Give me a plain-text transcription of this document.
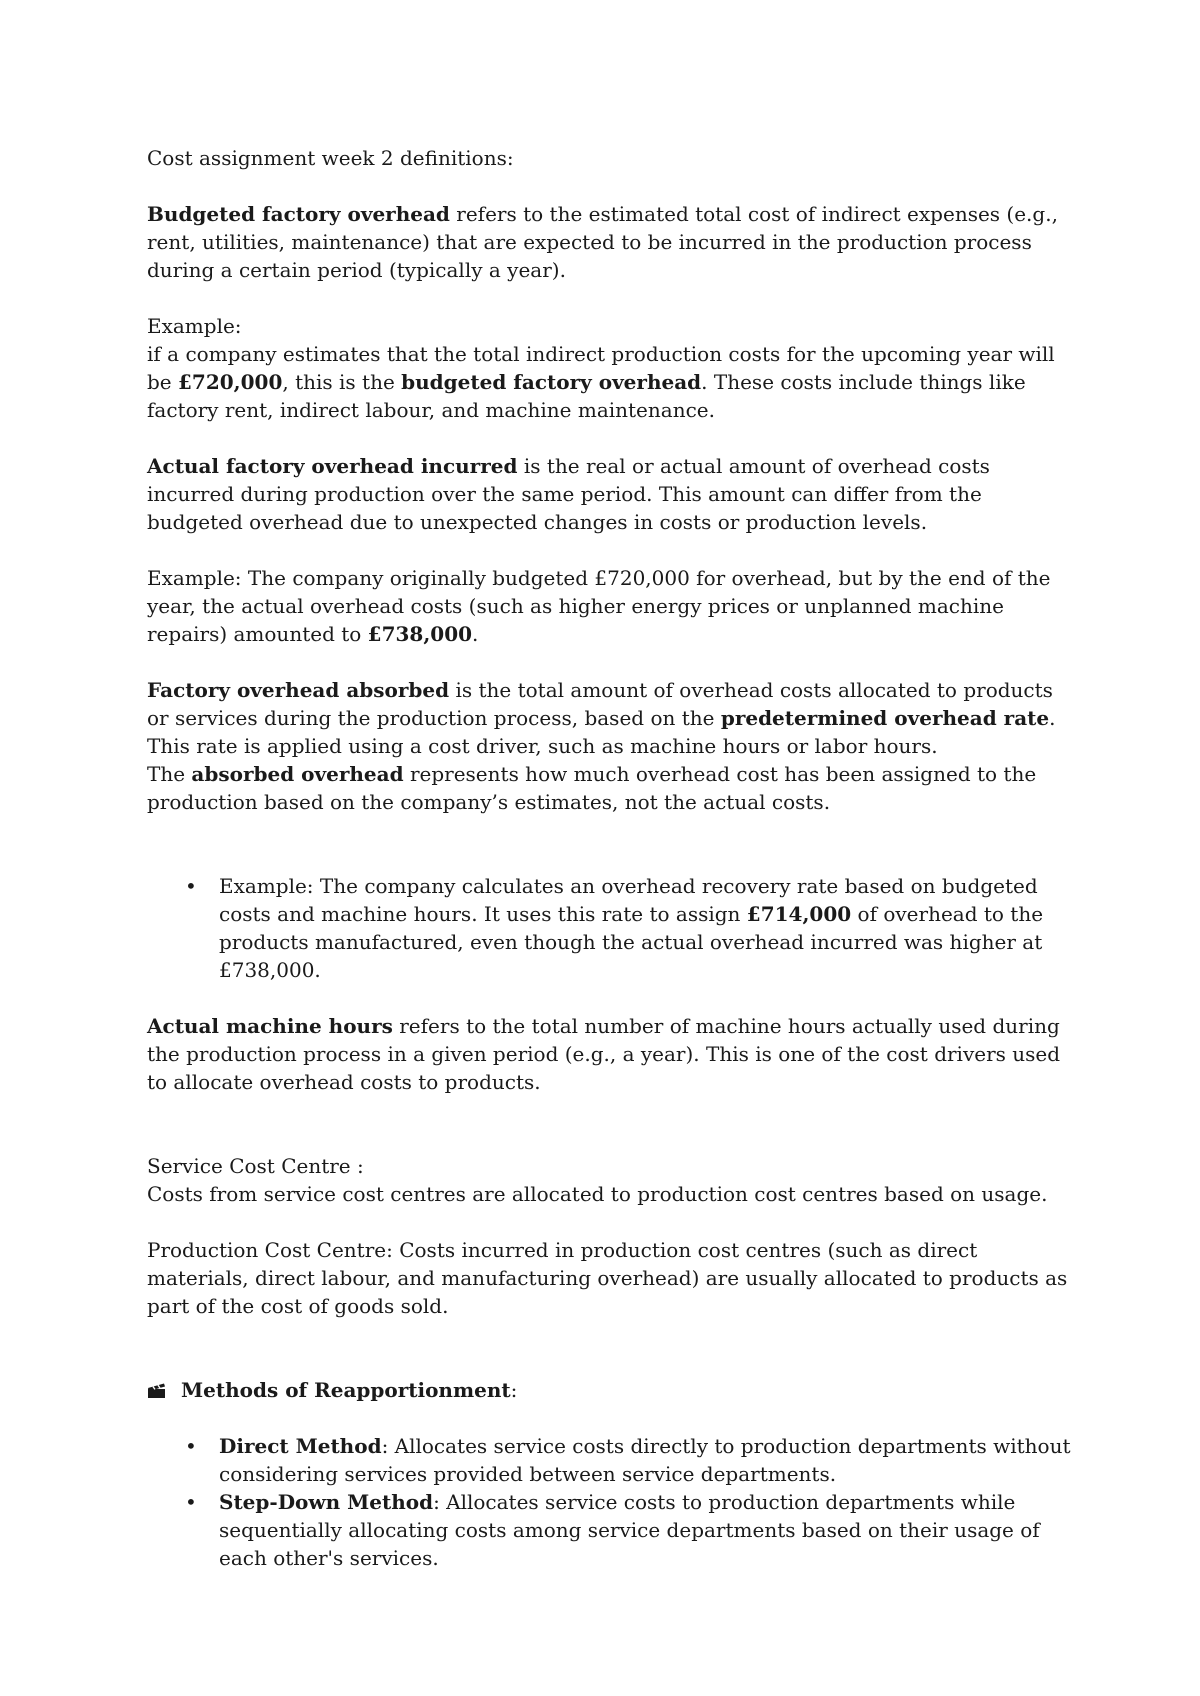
Cost assignment week 2 definitions:

Budgeted factory overhead refers to the estimated total cost of indirect expenses (e.g., rent, utilities, maintenance) that are expected to be incurred in the production process during a certain period (typically a year).

Example:

if a company estimates that the total indirect production costs for the upcoming year will be £720,000, this is the budgeted factory overhead. These costs include things like factory rent, indirect labour, and machine maintenance.

Actual factory overhead incurred is the real or actual amount of overhead costs incurred during production over the same period. This amount can differ from the budgeted overhead due to unexpected changes in costs or production levels.

Example: The company originally budgeted £720,000 for overhead, but by the end of the year, the actual overhead costs (such as higher energy prices or unplanned machine repairs) amounted to £738,000.

Factory overhead absorbed is the total amount of overhead costs allocated to products or services during the production process, based on the predetermined overhead rate. This rate is applied using a cost driver, such as machine hours or labor hours.

The absorbed overhead represents how much overhead cost has been assigned to the production based on the company’s estimates, not the actual costs.

• Example: The company calculates an overhead recovery rate based on budgeted costs and machine hours. It uses this rate to assign £714,000 of overhead to the products manufactured, even though the actual overhead incurred was higher at £738,000.

Actual machine hours refers to the total number of machine hours actually used during the production process in a given period (e.g., a year). This is one of the cost drivers used to allocate overhead costs to products.

Service Cost Centre :

Costs from service cost centres are allocated to production cost centres based on usage.

Production Cost Centre: Costs incurred in production cost centres (such as direct materials, direct labour, and manufacturing overhead) are usually allocated to products as part of the cost of goods sold.

Methods of Reapportionment:

• Direct Method: Allocates service costs directly to production departments without considering services provided between service departments.
• Step-Down Method: Allocates service costs to production departments while sequentially allocating costs among service departments based on their usage of each other's services.
